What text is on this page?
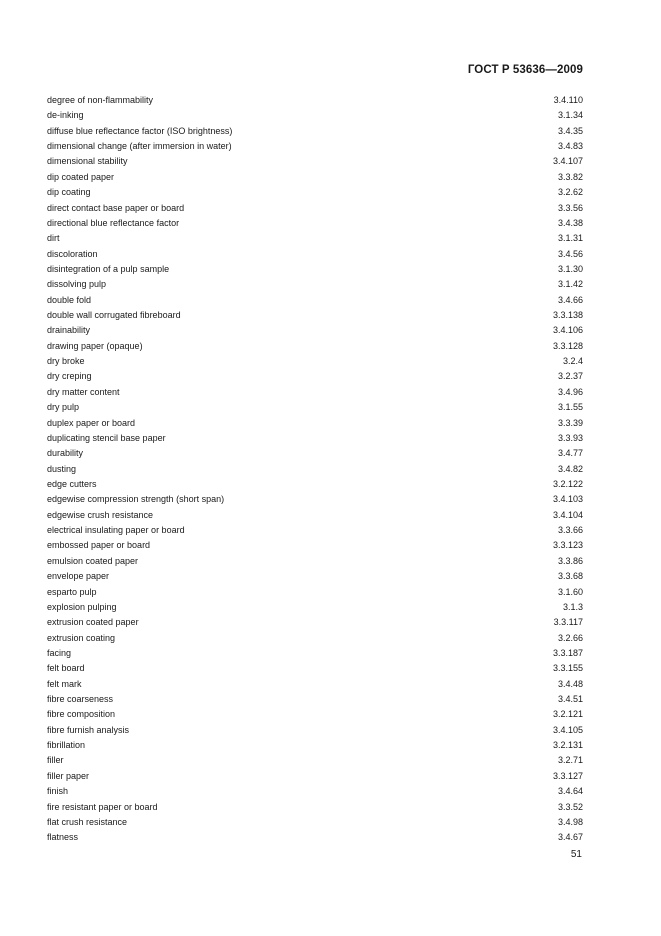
ГОСТ Р 53636—2009
degree of non-flammability	3.4.110
de-inking	3.1.34
diffuse blue reflectance factor (ISO brightness)	3.4.35
dimensional change (after immersion in water)	3.4.83
dimensional stability	3.4.107
dip coated paper	3.3.82
dip coating	3.2.62
direct contact base paper or board	3.3.56
directional blue reflectance factor	3.4.38
dirt	3.1.31
discoloration	3.4.56
disintegration of a pulp sample	3.1.30
dissolving pulp	3.1.42
double fold	3.4.66
double wall corrugated fibreboard	3.3.138
drainability	3.4.106
drawing paper (opaque)	3.3.128
dry broke	3.2.4
dry creping	3.2.37
dry matter content	3.4.96
dry pulp	3.1.55
duplex paper or board	3.3.39
duplicating stencil base paper	3.3.93
durability	3.4.77
dusting	3.4.82
edge cutters	3.2.122
edgewise compression strength (short span)	3.4.103
edgewise crush resistance	3.4.104
electrical insulating paper or board	3.3.66
embossed paper or board	3.3.123
emulsion coated paper	3.3.86
envelope paper	3.3.68
esparto pulp	3.1.60
explosion pulping	3.1.3
extrusion coated paper	3.3.117
extrusion coating	3.2.66
facing	3.3.187
felt board	3.3.155
felt mark	3.4.48
fibre coarseness	3.4.51
fibre composition	3.2.121
fibre furnish analysis	3.4.105
fibrillation	3.2.131
filler	3.2.71
filler paper	3.3.127
finish	3.4.64
fire resistant paper or board	3.3.52
flat crush resistance	3.4.98
flatness	3.4.67
51
